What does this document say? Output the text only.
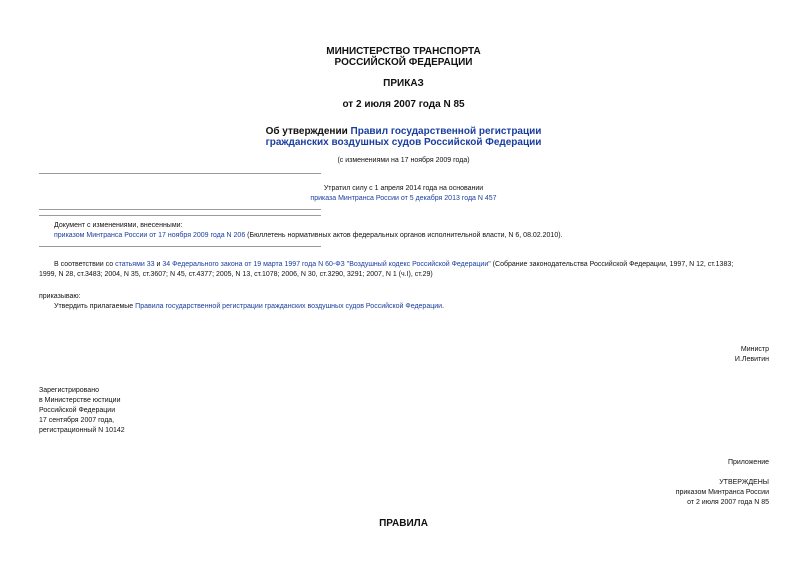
МИНИСТЕРСТВО ТРАНСПОРТА
РОССИЙСКОЙ ФЕДЕРАЦИИ
ПРИКАЗ
от 2 июля 2007 года N 85
Об утверждении Правил государственной регистрации
гражданских воздушных судов Российской Федерации
(с изменениями на 17 ноября 2009 года)
Утратил силу с 1 апреля 2014 года на основании
приказа Минтранса России от 5 декабря 2013 года N 457
Документ с изменениями, внесенными:
приказом Минтранса России от 17 ноября 2009 года N 206 (Бюллетень нормативных актов федеральных органов исполнительной власти, N 6, 08.02.2010).
В соответствии со статьями 33 и 34 Федерального закона от 19 марта 1997 года N 60-ФЗ "Воздушный кодекс Российской Федерации" (Собрание законодательства Российской Федерации, 1997, N 12, ст.1383;
1999, N 28, ст.3483; 2004, N 35, ст.3607; N 45, ст.4377; 2005, N 13, ст.1078; 2006, N 30, ст.3290, 3291; 2007, N 1 (ч.I), ст.29)
приказываю:
Утвердить прилагаемые Правила государственной регистрации гражданских воздушных судов Российской Федерации.
Министр
И.Левитин
Зарегистрировано
в Министерстве юстиции
Российской Федерации
17 сентября 2007 года,
регистрационный N 10142
Приложение
УТВЕРЖДЕНЫ
приказом Минтранса России
от 2 июля 2007 года N 85
ПРАВИЛА
